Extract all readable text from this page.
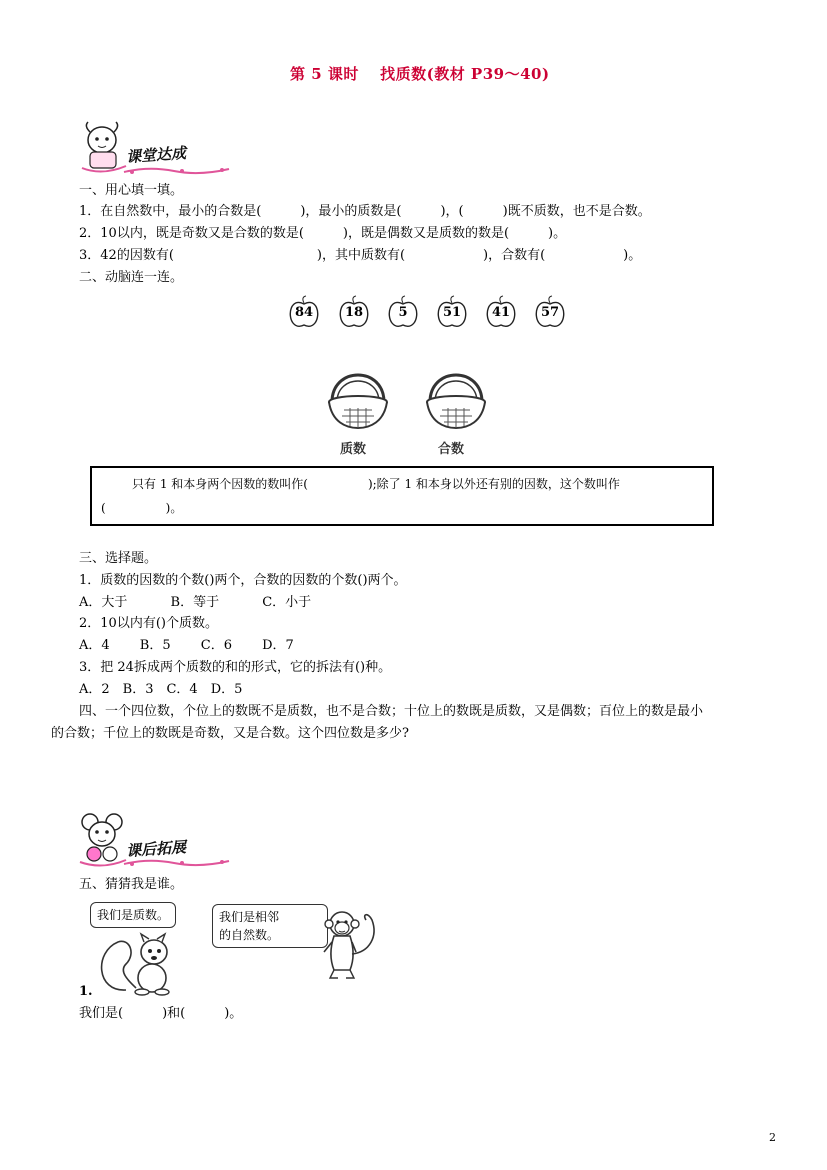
第 5 课时　 找质数(教材 P39～40)
课堂达成
一、用心填一填。
1．在自然数中，最小的合数是(　　　)，最小的质数是(　　　)，(　　　)既不质数，也不是合数。
2．10以内，既是奇数又是合数的数是(　　　)，既是偶数又是质数的数是(　　　)。
3．42的因数有(　　　　　　　　　　　)，其中质数有(　　　　　　)，合数有(　　　　　　)。
二、动脑连一连。
84	18	5	51	41	57
质数	合数
只有 1 和本身两个因数的数叫作(　　　　　);除了 1 和本身以外还有别的因数，这个数叫作
(　　　　　)。
三、选择题。
1．质数的因数的个数()两个，合数的因数的个数()两个。
A．大于　　　 B．等于　　　 C．小于
2．10以内有()个质数。
A．4　　 B．5　　 C．6　　 D．7
3．把 24拆成两个质数的和的形式，它的拆法有()种。
A．2　B．3　C．4　D．5
四、一个四位数，个位上的数既不是质数，也不是合数；十位上的数既是质数，又是偶数；百位上的数是最小
的合数；千位上的数既是奇数，又是合数。这个四位数是多少?
课后拓展
五、猜猜我是谁。
我们是质数。	我们是相邻
的自然数。
1.
我们是(　　　)和(　　　)。
2
